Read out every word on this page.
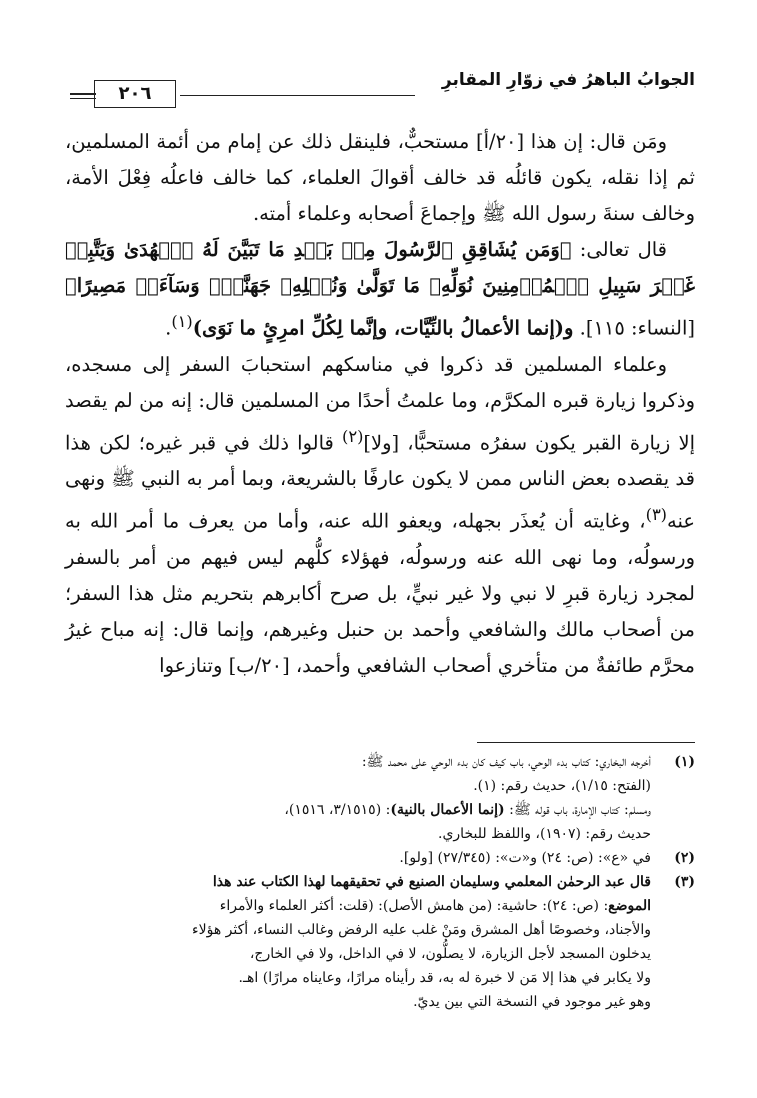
الجوابُ الباهرُ في زوّارِ المقابرِ
٢٠٦

ومَن قال: إن هذا [٢٠/أ] مستحبٌّ، فلينقل ذلك عن إمام من أئمة المسلمين، ثم إذا نقله، يكون قائلُه قد خالف أقوالَ العلماء، كما خالف فاعلُه فِعْلَ الأمة، وخالف سنةَ رسول الله ﷺ وإجماعَ أصحابه وعلماء أمته.

قال تعالى: ﴿وَمَن يُشَاقِقِ ٱلرَّسُولَ مِنۢ بَعۡدِ مَا تَبَيَّنَ لَهُ ٱلۡهُدَىٰ وَيَتَّبِعۡ غَيۡرَ سَبِيلِ ٱلۡمُؤۡمِنِينَ نُوَلِّهِۦ مَا تَوَلَّىٰ وَنُصۡلِهِۦ جَهَنَّمَۖ وَسَآءَتۡ مَصِيرًا﴾ [النساء: ١١٥]. و(إنما الأعمالُ بالنِّيَّات، وإنَّما لِكُلِّ امرِئٍ ما نَوَى)$^{(١)}$.

وعلماء المسلمين قد ذكروا في مناسكهم استحبابَ السفر إلى مسجده، وذكروا زيارة قبره المكرَّم، وما علمتُ أحدًا من المسلمين قال: إنه من لم يقصد إلا زيارة القبر يكون سفرُه مستحبًّا، [ولا]$^{(٢)}$ قالوا ذلك في قبر غيره؛ لكن هذا قد يقصده بعض الناس ممن لا يكون عارفًا بالشريعة، وبما أمر به النبي ﷺ ونهى عنه$^{(٣)}$، وغايته أن يُعذَر بجهله، ويعفو الله عنه، وأما من يعرف ما أمر الله به ورسولُه، وما نهى الله عنه ورسولُه، فهؤلاء كلُّهم ليس فيهم من أمر بالسفر لمجرد زيارة قبرِ لا نبي ولا غير نبيٍّ، بل صرح أكابرهم بتحريم مثل هذا السفر؛ من أصحاب مالك والشافعي وأحمد بن حنبل وغيرهم، وإنما قال: إنه مباح غيرُ محرَّم طائفةٌ من متأخري أصحاب الشافعي وأحمد، [٢٠/ب] وتنازعوا

(١)
أخرجه البخاري: كتاب بدء الوحي، باب كيف كان بدء الوحي على محمد ﷺ:
(الفتح: ١/١٥)، حديث رقم: (١).

ومسلم: كتاب الإمارة، باب قوله ﷺ: (إنما الأعمال بالنية): (٣/١٥١٥، ١٥١٦)،
حديث رقم: (١٩٠٧)، واللفظ للبخاري.

(٢)
في «ع»: (ص: ٢٤) و«ت»: (٢٧/٣٤٥) [ولو].

(٣)
قال عبد الرحمٰن المعلمي وسليمان الصنيع في تحقيقهما لهذا الكتاب عند هذا
الموضع: (ص: ٢٤): حاشية: (من هامش الأصل): (قلت: أكثر العلماء والأمراء
والأجناد، وخصوصًا أهل المشرق ومَنْ غلب عليه الرفض وغالب النساء، أكثر هؤلاء
يدخلون المسجد لأجل الزيارة، لا يصلُّون، لا في الداخل، ولا في الخارج،
ولا يكابر في هذا إلا مَن لا خبرة له به، قد رأيناه مرارًا، وعايناه مرارًا) اهـ.
وهو غير موجود في النسخة التي بين يديّ.
